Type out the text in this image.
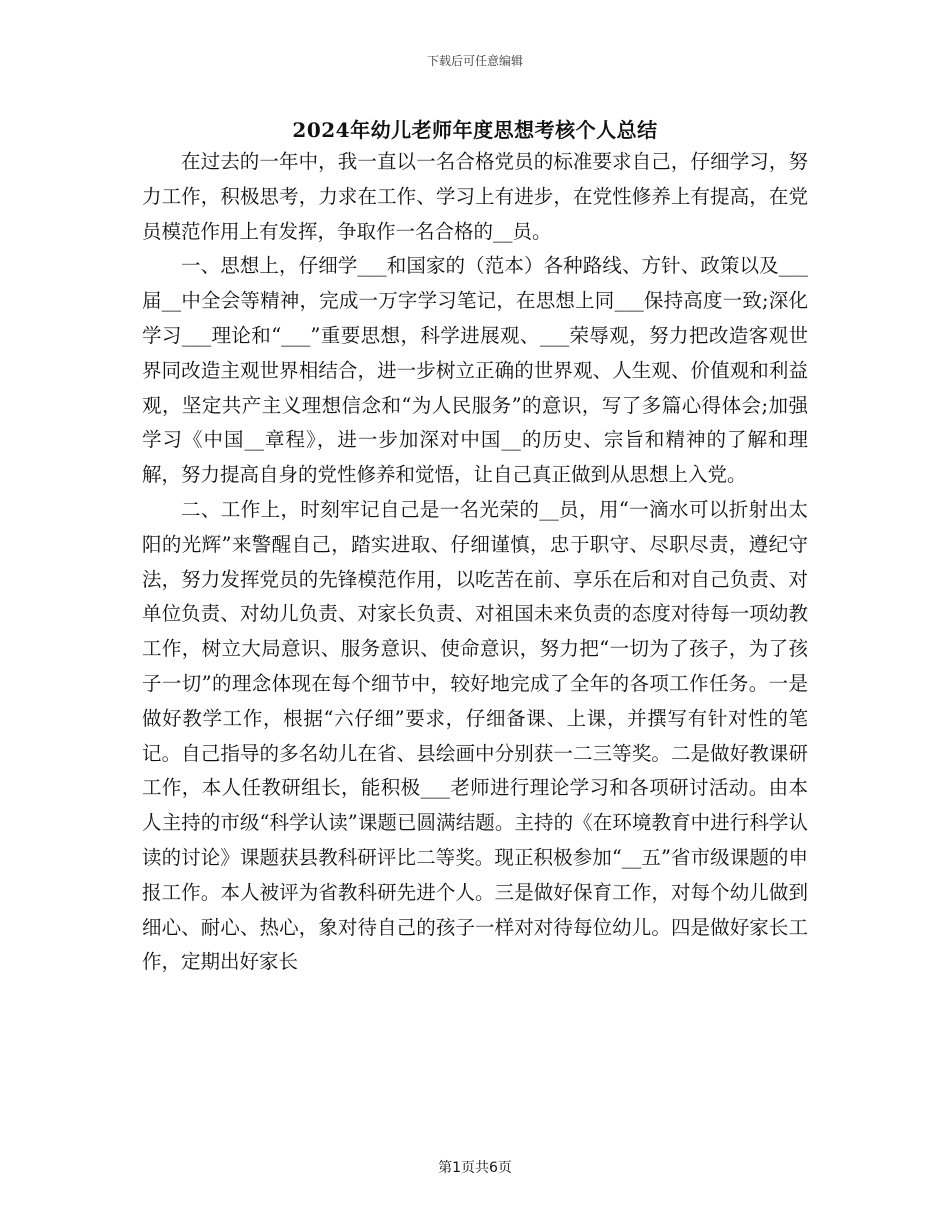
下载后可任意编辑
2024年幼儿老师年度思想考核个人总结

在过去的一年中，我一直以一名合格党员的标准要求自己，仔细学习，努力工作，积极思考，力求在工作、学习上有进步，在党性修养上有提高，在党员模范作用上有发挥，争取作一名合格的__员。

一、思想上，仔细学___和国家的（范本）各种路线、方针、政策以及___届__中全会等精神，完成一万字学习笔记，在思想上同___保持高度一致;深化学习___理论和“___”重要思想，科学进展观、___荣辱观，努力把改造客观世界同改造主观世界相结合，进一步树立正确的世界观、人生观、价值观和利益观，坚定共产主义理想信念和“为人民服务”的意识，写了多篇心得体会;加强学习《中国__章程》，进一步加深对中国__的历史、宗旨和精神的了解和理解，努力提高自身的党性修养和觉悟，让自己真正做到从思想上入党。

二、工作上，时刻牢记自己是一名光荣的__员，用“一滴水可以折射出太阳的光辉”来警醒自己，踏实进取、仔细谨慎，忠于职守、尽职尽责，遵纪守法，努力发挥党员的先锋模范作用，以吃苦在前、享乐在后和对自己负责、对单位负责、对幼儿负责、对家长负责、对祖国未来负责的态度对待每一项幼教工作，树立大局意识、服务意识、使命意识，努力把“一切为了孩子，为了孩子一切”的理念体现在每个细节中，较好地完成了全年的各项工作任务。一是做好教学工作，根据“六仔细”要求，仔细备课、上课，并撰写有针对性的笔记。自己指导的多名幼儿在省、县绘画中分别获一二三等奖。二是做好教课研工作，本人任教研组长，能积极___老师进行理论学习和各项研讨活动。由本人主持的市级“科学认读”课题已圆满结题。主持的《在环境教育中进行科学认读的讨论》课题获县教科研评比二等奖。现正积极参加“__五”省市级课题的申报工作。本人被评为省教科研先进个人。三是做好保育工作，对每个幼儿做到细心、耐心、热心，象对待自己的孩子一样对对待每位幼儿。四是做好家长工作，定期出好家长

第1页共6页
